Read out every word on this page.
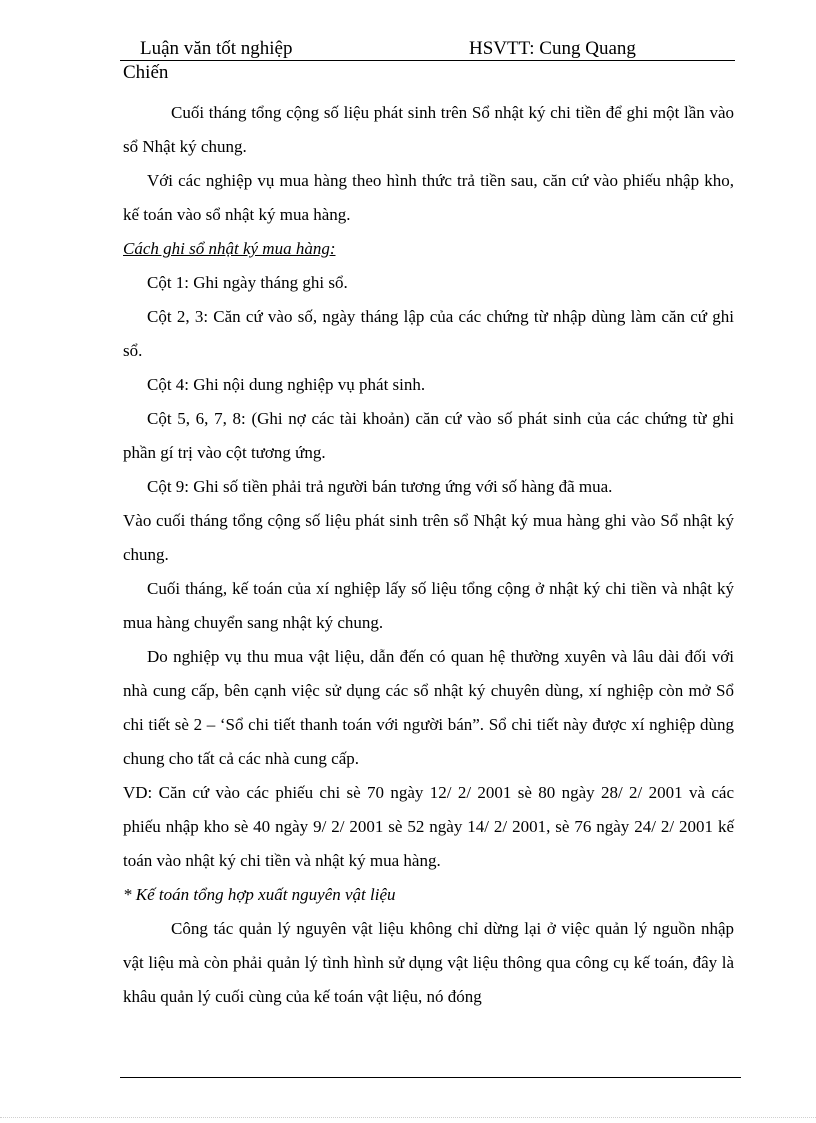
Luận văn tốt nghiệp	HSVTT: Cung Quang
Chiến

Cuối tháng tổng cộng số liệu phát sinh trên Sổ nhật ký chi tiền để ghi một lần vào sổ Nhật ký chung.

Với các nghiệp vụ mua hàng theo hình thức trả tiền sau, căn cứ vào phiếu nhập kho, kế toán vào sổ nhật ký mua hàng.

Cách ghi sổ nhật ký mua hàng:

Cột 1: Ghi ngày tháng ghi sổ.

Cột 2, 3: Căn cứ vào số, ngày tháng lập của các chứng từ nhập dùng làm căn cứ ghi sổ.

Cột 4: Ghi nội dung nghiệp vụ phát sinh.

Cột 5, 6, 7, 8: (Ghi nợ các tài khoản) căn cứ vào số phát sinh của các chứng từ ghi phần gí trị vào cột tương ứng.

Cột 9: Ghi số tiền phải trả người bán tương ứng với số hàng đã mua.

Vào cuối tháng tổng cộng số liệu phát sinh trên sổ Nhật ký mua hàng ghi vào Sổ nhật ký chung.

Cuối tháng, kế toán của xí nghiệp lấy số liệu tổng cộng ở nhật ký chi tiền và nhật ký mua hàng chuyển sang nhật ký chung.

Do nghiệp vụ thu mua vật liệu, dẫn đến có quan hệ thường xuyên và lâu dài đối với nhà cung cấp, bên cạnh việc sử dụng các sổ nhật ký chuyên dùng, xí nghiệp còn mở Sổ chi tiết sè 2 – ‘Sổ chi tiết thanh toán với người bán”. Sổ chi tiết này được xí nghiệp dùng chung cho tất cả các nhà cung cấp.

VD: Căn cứ vào các phiếu chi sè 70 ngày 12/ 2/ 2001 sè 80 ngày 28/ 2/ 2001 và các phiếu nhập kho sè 40 ngày 9/ 2/ 2001 sè 52 ngày 14/ 2/ 2001, sè 76 ngày 24/ 2/ 2001 kế toán vào nhật ký chi tiền và nhật ký mua hàng.

* Kế toán tổng hợp xuất nguyên vật liệu

Công tác quản lý nguyên vật liệu không chỉ dừng lại ở việc quản lý nguồn nhập vật liệu mà còn phải quản lý tình hình sử dụng vật liệu thông qua công cụ kế toán, đây là khâu quản lý cuối cùng của kế toán vật liệu, nó đóng
